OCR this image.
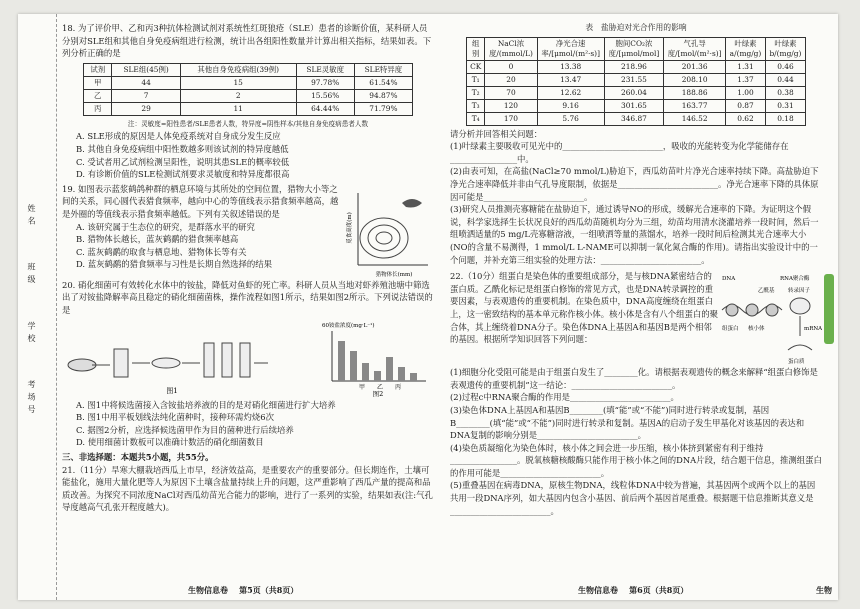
姓 名  班 级  学 校  考 场 号

18. 为了评价甲、乙和丙3种抗体检测试剂对系统性红斑狼疮（SLE）患者的诊断价值，某科研人员分别对SLE组和其他自身免疫病组进行检测，统计出各组阳性数量并计算出相关指标，结果如表。下列分析正确的是

试剂	SLE组(45例)	其他自身免疫病组(39例)	SLE灵敏度	SLE特异度
甲	44	15	97.78%	61.54%
乙	7	2	15.56%	94.87%
丙	29	11	64.44%	71.79%

注：灵敏度=阳性患者/SLE患者人数，特异度=阴性样本/其他自身免疫病患者人数

A. SLE形成的原因是人体免疫系统对自身成分发生反应

B. 其他自身免疫病组中阳性数越多则该试剂的特异度越低

C. 受试者用乙试剂检测呈阳性，说明其患SLE的概率较低

D. 有诊断价值的SLE检测试剂要求灵敏度和特异度都很高

19. 如图表示蓝浆鹤鸽种群的栖息环境与其所处的空间位置，猎物大小等之间的关系，同心圆代表猎食频率，越向中心的等值线表示猎食频率越高，越是外圈的等值线表示猎食频率越低。下列有关叙述错误的是

A. 该研究属于生态位的研究，是群落水平的研究

B. 猎物体长越长，蓝灰鹤鹬的猎食频率越高

C. 蓝灰鹤鹬的取食与栖息地、猎物体长等有关

D. 蓝灰鹤鹬的猎食频率与习性是长期自然选择的结果

猎物体长(mm)
觅食高度(m)

20. 硝化细菌可有效转化水体中的铵盐，降低对鱼虾的死亡率。科研人员从当地对虾养殖池塘中筛选出了对铵盐降解率高且稳定的硝化细菌菌株，操作流程如图1所示，结果如图2所示。下列说法错误的是

图1
60铵盐浓度(mg·L⁻¹)
甲 乙 丙
图2

A. 图1中将候选菌接入含铵盐培养液的目的是对硝化细菌进行扩大培养

B. 图1中用平板划线法纯化菌种时，接种环需灼烧6次

C. 据图2分析，应选择候选菌甲作为目的菌种进行后续培养

D. 使用细菌计数板可以准确计数活的硝化细菌数目

三、非选择题：本题共5小题，共55分。

21.（11分）旱寒大棚栽培西瓜上市早，经济效益高，是重要农产的重要部分。但长期连作，土壤可能盐化，施用大量化肥等人为原因下土壤含盐量持续上升的问题，这严重影响了西瓜产量的提高和品质改善。为探究不同浓度NaCl对西瓜幼苗光合能力的影响，进行了一系列的实验，结果如表(注:气孔导度越高气孔张开程度越大)。

生物信息卷 第5页（共8页）

表　盐胁迫对光合作用的影响

组别	NaCl浓度/(mmol/L)	净光合速率/[μmol/(m²·s)]	胞间CO₂浓度/[μmol/mol]	气孔导度/[mol/(m²·s)]	叶绿素a/(mg/g)	叶绿素b/(mg/g)
CK	0	13.38	218.96	201.36	1.31	0.46
T₁	20	13.47	231.55	208.10	1.37	0.44
T₂	70	12.62	260.04	188.86	1.00	0.38
T₃	120	9.16	301.65	163.77	0.87	0.31
T₄	170	5.76	346.87	146.52	0.62	0.18

请分析并回答相关问题：

(1)叶绿素主要吸收可见光中的________________________，吸收的光能转变为化学能储存在________________中。

(2)由表可知，在高盐(NaCl≥70 mmol/L)胁迫下，西瓜幼苗叶片净光合速率持续下降。高盐胁迫下净光合速率降低并非由气孔导度限制，依据是________________________。净光合速率下降的具体原因可能是________________________。

(3)研究人员推测壳寡糖能在盐胁迫下，通过诱导NO的形成，缓解光合速率的下降。为证明这个假说，科学家选择生长状况良好的西瓜幼苗随机均分为三组，幼苗均用清水浇灌培养一段时间，然后一组喷洒适量的5 mg/L壳寡糖溶液，一组喷洒等量的蒸馏水，培养一段时间后检测其光合速率大小(NO的含量不易测得，1 mmol/L L-NAME可以抑制一氧化氮合酶的作用)。请指出实验设计中的一个问题，并补充第三组实验的处理方法：________________________。

22.（10分）组蛋白是染色体的重要组成部分，是与核DNA紧密结合的蛋白质。乙酰化标记是组蛋白修饰的常见方式，也是DNA转录调控的重要因素，与表观遗传的重要机制。在染色质中，DNA高度缠绕在组蛋白上，这一密致结构的基本单元称作核小体。核小体是含有八个组蛋白的聚合体，其上缠绕着DNA分子。染色体DNA上基因A和基因B是两个相邻的基因。根据所学知识回答下列问题：

DNA
组蛋白 核小体
RNA聚合酶
转录因子
乙酰基
mRNA
蛋白质

(1)细胞分化受阻可能是由于组蛋白发生了________化。请根据表观遗传的概念来解释“组蛋白修饰是表观遗传的重要机制”这一结论：________________________。

(2)过程c中RNA聚合酶的作用是________________________。

(3)染色体DNA上基因A和基因B________(填“能”或“不能”)同时进行转录或复制，基因B________(填“能”或“不能”)同时进行转录和复制。基因A的启动子发生甲基化对该基因的表达和DNA复制的影响分别是________________________。

(4)染色质凝缩化为染色体时，核小体之间会进一步压缩，核小体挤到紧密有利于维持________________。脱氧核糖核酸酶只能作用于核小体之间的DNA片段，结合题干信息，推测组蛋白的作用可能是________________________。

(5)重叠基因在病毒DNA，原核生物DNA，线粒体DNA中较为普遍，其基因两个或两个以上的基因共用一段DNA序列，如大基因内包含小基因、前后两个基因首尾重叠。根据题干信息推断其意义是________________________。

生物信息卷 第6页（共8页）	生物
